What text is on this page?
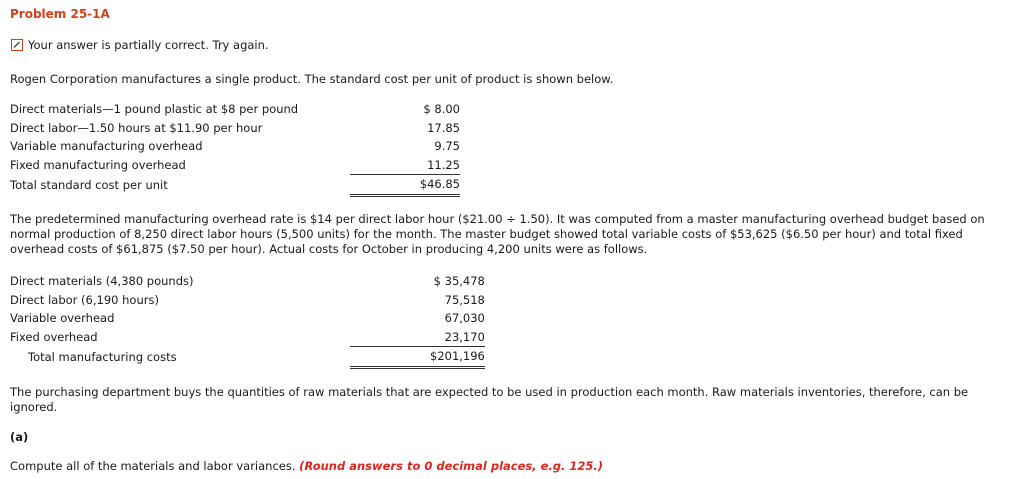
Problem 25-1A
Your answer is partially correct. Try again.
Rogen Corporation manufactures a single product. The standard cost per unit of product is shown below.
Direct materials—1 pound plastic at $8 per pound	$ 8.00
Direct labor—1.50 hours at $11.90 per hour	17.85
Variable manufacturing overhead	9.75
Fixed manufacturing overhead	11.25
Total standard cost per unit	$46.85
The predetermined manufacturing overhead rate is $14 per direct labor hour ($21.00 ÷ 1.50). It was computed from a master manufacturing overhead budget based on normal production of 8,250 direct labor hours (5,500 units) for the month. The master budget showed total variable costs of $53,625 ($6.50 per hour) and total fixed overhead costs of $61,875 ($7.50 per hour). Actual costs for October in producing 4,200 units were as follows.
Direct materials (4,380 pounds)	$ 35,478
Direct labor (6,190 hours)	75,518
Variable overhead	67,030
Fixed overhead	23,170
Total manufacturing costs	$201,196
The purchasing department buys the quantities of raw materials that are expected to be used in production each month. Raw materials inventories, therefore, can be ignored.
(a)
Compute all of the materials and labor variances. (Round answers to 0 decimal places, e.g. 125.)
